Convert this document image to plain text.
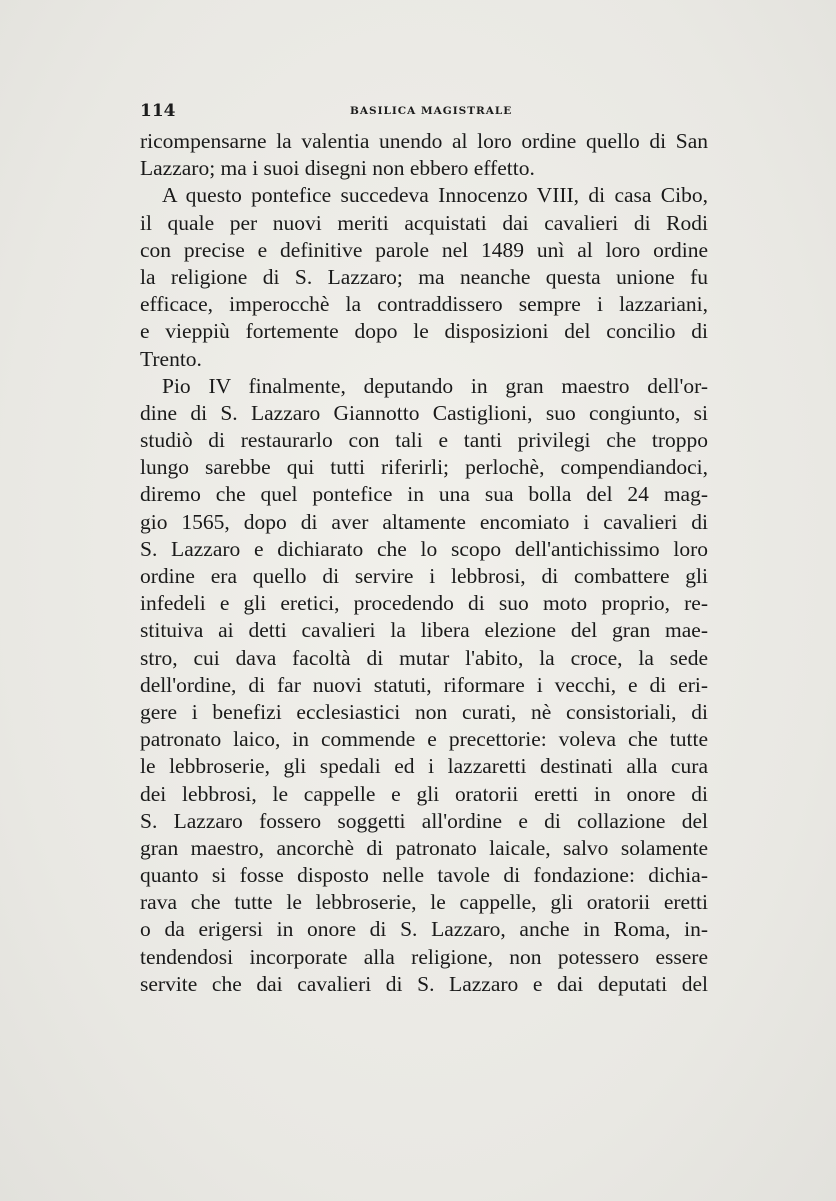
114	BASILICA MAGISTRALE
ricompensarne la valentia unendo al loro ordine quello di San
Lazzaro; ma i suoi disegni non ebbero effetto.
A questo pontefice succedeva Innocenzo VIII, di casa Cibo,
il quale per nuovi meriti acquistati dai cavalieri di Rodi
con precise e definitive parole nel 1489 unì al loro ordine
la religione di S. Lazzaro; ma neanche questa unione fu
efficace, imperocchè la contraddissero sempre i lazzariani,
e vieppiù fortemente dopo le disposizioni del concilio di
Trento.
Pio IV finalmente, deputando in gran maestro dell'or-
dine di S. Lazzaro Giannotto Castiglioni, suo congiunto, si
studiò di restaurarlo con tali e tanti privilegi che troppo
lungo sarebbe qui tutti riferirli; perlochè, compendiandoci,
diremo che quel pontefice in una sua bolla del 24 mag-
gio 1565, dopo di aver altamente encomiato i cavalieri di
S. Lazzaro e dichiarato che lo scopo dell'antichissimo loro
ordine era quello di servire i lebbrosi, di combattere gli
infedeli e gli eretici, procedendo di suo moto proprio, re-
stituiva ai detti cavalieri la libera elezione del gran mae-
stro, cui dava facoltà di mutar l'abito, la croce, la sede
dell'ordine, di far nuovi statuti, riformare i vecchi, e di eri-
gere i benefizi ecclesiastici non curati, nè consistoriali, di
patronato laico, in commende e precettorie: voleva che tutte
le lebbroserie, gli spedali ed i lazzaretti destinati alla cura
dei lebbrosi, le cappelle e gli oratorii eretti in onore di
S. Lazzaro fossero soggetti all'ordine e di collazione del
gran maestro, ancorchè di patronato laicale, salvo solamente
quanto si fosse disposto nelle tavole di fondazione: dichia-
rava che tutte le lebbroserie, le cappelle, gli oratorii eretti
o da erigersi in onore di S. Lazzaro, anche in Roma, in-
tendendosi incorporate alla religione, non potessero essere
servite che dai cavalieri di S. Lazzaro e dai deputati del
